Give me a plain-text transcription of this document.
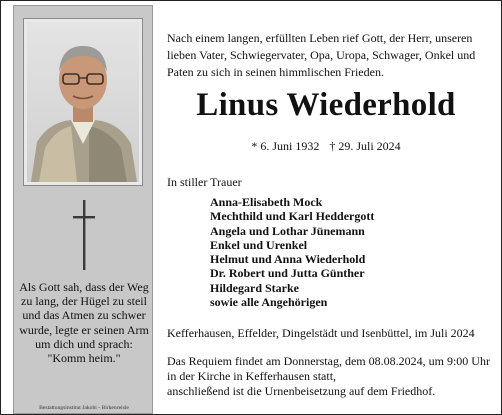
Als Gott sah, dass der Weg
zu lang, der Hügel zu steil
und das Atmen zu schwer
wurde, legte er seinen Arm
um dich und sprach:
"Komm heim."
Bestattungsinstitut Jakobi - Birkenreisle
Nach einem langen, erfüllten Leben rief Gott, der Herr, unseren
lieben Vater, Schwiegervater, Opa, Uropa, Schwager, Onkel und
Paten zu sich in seinen himmlischen Frieden.
Linus Wiederhold
* 6. Juni 1932 † 29. Juli 2024
In stiller Trauer
Anna-Elisabeth Mock
Mechthild und Karl Heddergott
Angela und Lothar Jünemann
Enkel und Urenkel
Helmut und Anna Wiederhold
Dr. Robert und Jutta Günther
Hildegard Starke
sowie alle Angehörigen
Kefferhausen, Effelder, Dingelstädt und Isenbüttel, im Juli 2024
Das Requiem findet am Donnerstag, dem 08.08.2024, um 9:00 Uhr
in der Kirche in Kefferhausen statt,
anschließend ist die Urnenbeisetzung auf dem Friedhof.
